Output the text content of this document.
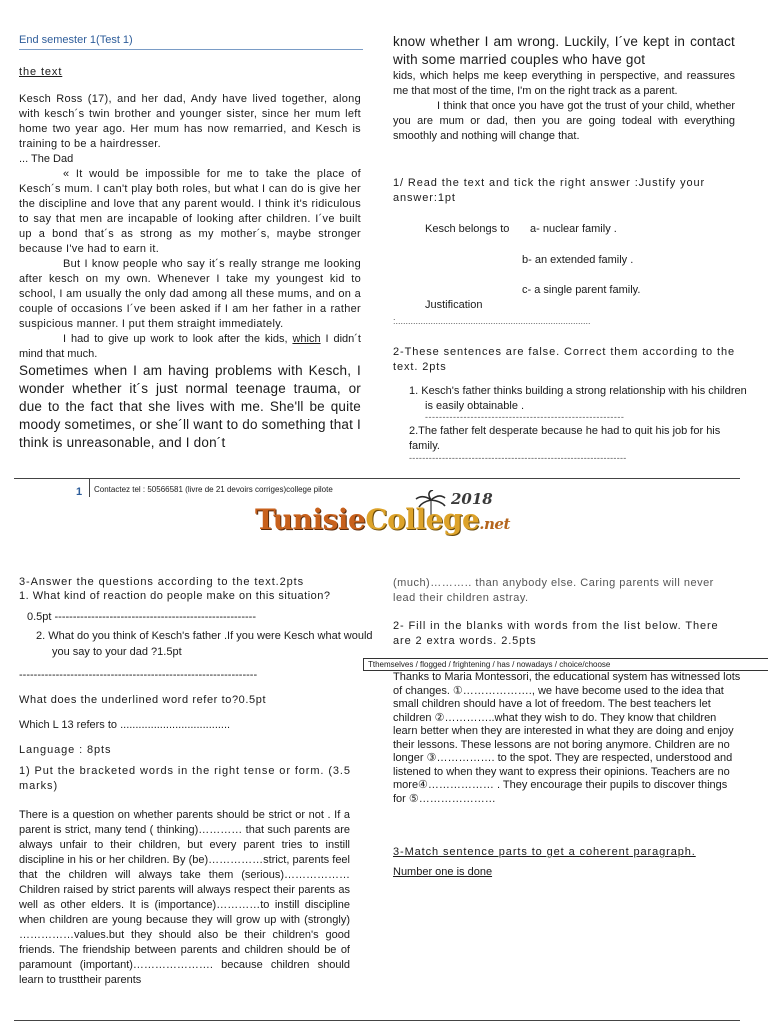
End semester 1(Test 1)
the text

Kesch Ross (17), and her dad, Andy have lived together, along with kesch´s twin brother and younger sister, since her mum left home two year ago. Her mum has now remarried, and Kesch is training to be a hairdresser.

... The Dad

« It would be impossible for me to take the place of Kesch´s mum. I can't play both roles, but what I can do is give her the discipline and love that any parent would. I think it's ridiculous to say that men are incapable of looking after children. I´ve built up a bond that´s as strong as my mother´s, maybe stronger because I've had to earn it.

But I know people who say it´s really strange me looking after kesch on my own. Whenever I take my youngest kid to school, I am usually the only dad among all these mums, and on a couple of occasions I´ve been asked if I am her father in a rather suspicious manner. I put them straight immediately.

I had to give up work to look after the kids, which I didn´t mind that much.

Sometimes when I am having problems with Kesch, I wonder whether it´s just normal teenage trauma, or due to the fact that she lives with me. She'll be quite moody sometimes, or she´ll want to do something that I think is unreasonable, and I don´t

know whether I am wrong. Luckily, I´ve kept in contact with some married couples who have got

kids, which helps me keep everything in perspective, and reassures me that most of the time, I'm on the right track as a parent.

I think that once you have got the trust of your child, whether you are mum or dad, then you are going todeal with everything smoothly and nothing will change that.

1/ Read the text and tick the right answer :Justify your answer:1pt
Kesch belongs to a- nuclear family .
b- an extended family .
c- a single parent family.
Justification
:..............................................................................
2-These sentences are false. Correct them according to the text. 2pts
1. Kesch's father thinks building a strong relationship with his children is easily obtainable .
---------------------------------------------------------
2.The father felt desperate because he had to quit his job for his family.
------------------------------------------------------------------
1 Contactez tel : 50566581 (livre de 21 devoirs corriges)college pilote
TunisieCollege.net
2018
3-Answer the questions according to the text.2pts
1. What kind of reaction do people make on this situation?
0.5pt -------------------------------------------------------
2. What do you think of Kesch's father .If you were Kesch what would you say to your dad ?1.5pt
-----------------------------------------------------------------
What does the underlined word refer to?0.5pt
Which L 13 refers to ....................................
Language : 8pts
1) Put the bracketed words in the right tense or form. (3.5 marks)
There is a question on whether parents should be strict or not . If a parent is strict, many tend ( thinking)………… that such parents are always unfair to their children, but every parent tries to instill discipline in his or her children. By (be)……………strict, parents feel that the children will always take them (serious)……………… Children raised by strict parents will always respect their parents as well as other elders. It is (importance)…………to instill discipline when children are young because they will grow up with (strongly) ……………values.but they should also be their children's good friends. The friendship between parents and children should be of paramount (important)…………………. because children should learn to trusttheir parents
(much)……….. than anybody else. Caring parents will never lead their children astray.
2- Fill in the blanks with words from the list below. There are 2 extra words. 2.5pts
Tthemselves / flogged / frightening / has / nowadays / choice/choose
Thanks to Maria Montessori, the educational system has witnessed lots of changes. ①………………., we have become used to the idea that small children should have a lot of freedom. The best teachers let children ②…………..what they wish to do. They know that children learn better when they are interested in what they are doing and enjoy their lessons. These lessons are not boring anymore. Children are no longer ③……………. to the spot. They are respected, understood and listened to when they want to express their opinions. Teachers are no more④……………… . They encourage their pupils to discover things for ⑤…………………
3-Match sentence parts to get a coherent paragraph.
Number one is done
